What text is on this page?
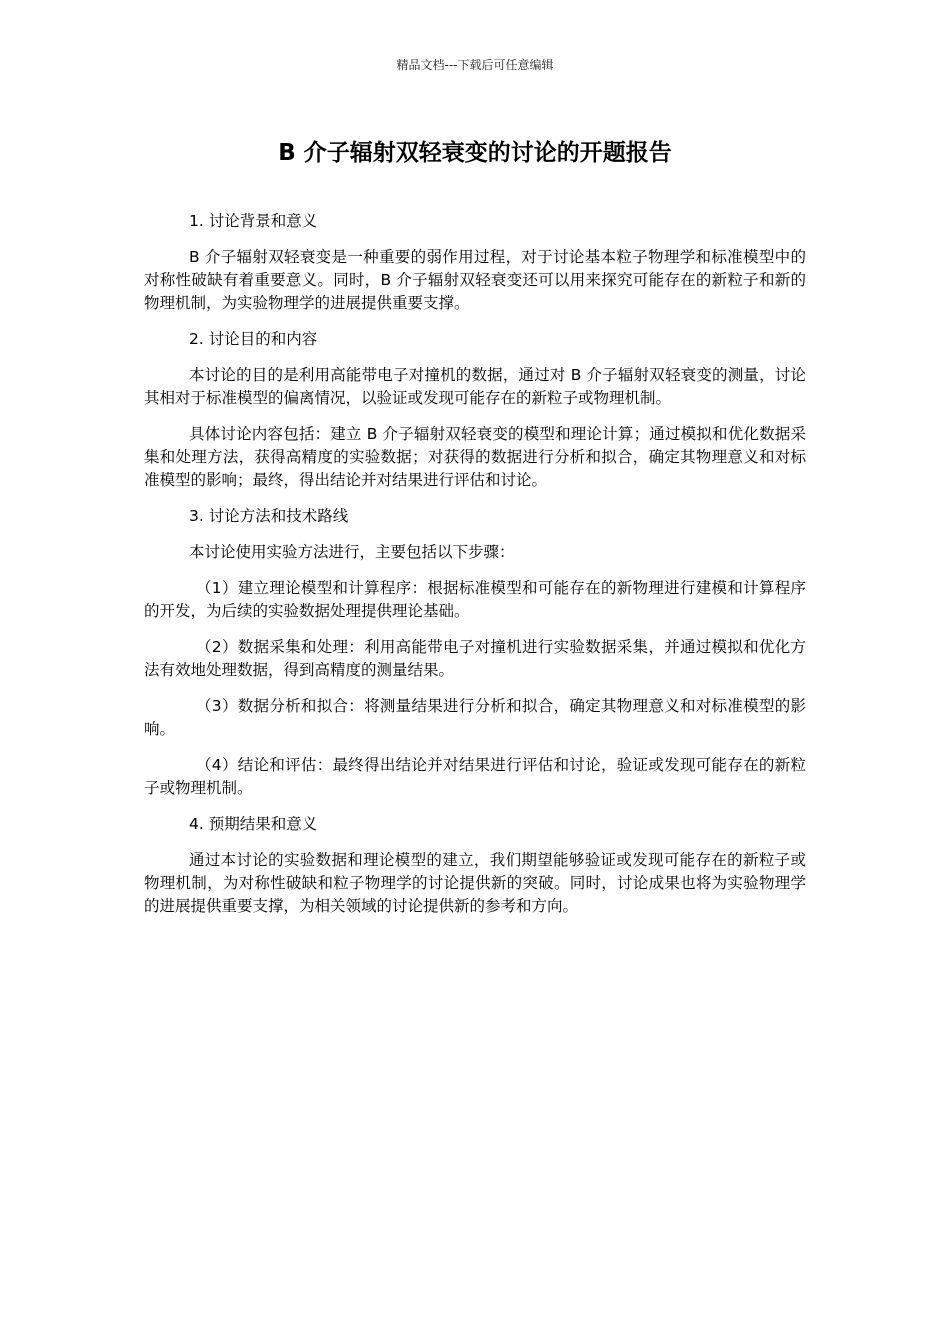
精品文档---下载后可任意编辑
B 介子辐射双轻衰变的讨论的开题报告

1. 讨论背景和意义

B 介子辐射双轻衰变是一种重要的弱作用过程，对于讨论基本粒子物理学和标准模型中的对称性破缺有着重要意义。同时，B 介子辐射双轻衰变还可以用来探究可能存在的新粒子和新的物理机制，为实验物理学的进展提供重要支撑。

2. 讨论目的和内容

本讨论的目的是利用高能带电子对撞机的数据，通过对 B 介子辐射双轻衰变的测量，讨论其相对于标准模型的偏离情况，以验证或发现可能存在的新粒子或物理机制。

具体讨论内容包括：建立 B 介子辐射双轻衰变的模型和理论计算；通过模拟和优化数据采集和处理方法，获得高精度的实验数据；对获得的数据进行分析和拟合，确定其物理意义和对标准模型的影响；最终，得出结论并对结果进行评估和讨论。

3. 讨论方法和技术路线

本讨论使用实验方法进行，主要包括以下步骤：

（1）建立理论模型和计算程序：根据标准模型和可能存在的新物理进行建模和计算程序的开发，为后续的实验数据处理提供理论基础。

（2）数据采集和处理：利用高能带电子对撞机进行实验数据采集，并通过模拟和优化方法有效地处理数据，得到高精度的测量结果。

（3）数据分析和拟合：将测量结果进行分析和拟合，确定其物理意义和对标准模型的影响。

（4）结论和评估：最终得出结论并对结果进行评估和讨论，验证或发现可能存在的新粒子或物理机制。

4. 预期结果和意义

通过本讨论的实验数据和理论模型的建立，我们期望能够验证或发现可能存在的新粒子或物理机制，为对称性破缺和粒子物理学的讨论提供新的突破。同时，讨论成果也将为实验物理学的进展提供重要支撑，为相关领域的讨论提供新的参考和方向。
